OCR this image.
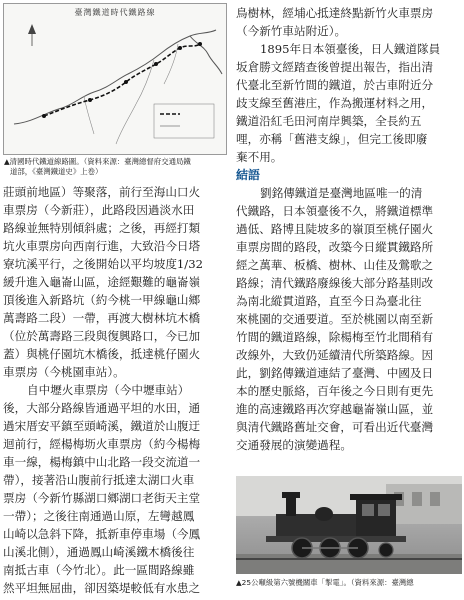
臺灣鐵道時代鐵路線
▲清國時代鐵道線路圖。（資料來源：臺灣總督府交通局鐵
道部，《臺灣鐵道史》上卷）
莊頭前地區）等聚落，前行至海山口火
車票房（今新莊），此路段因過淡水田
路線並無特別傾斜處；之後，再經打類
坑火車票房向西南行進，大致沿今日塔
寮坑溪平行，之後開始以平均坡度1/32
緩升進入龜崙山區，途經艱難的龜崙嶺
頂後進入新路坑（約今桃一甲線龜山鄉
萬壽路二段）一帶，再渡大樹林坑木橋
（位於萬壽路三段與復興路口，今已加
蓋）與桃仔園坑木橋後，抵達桃仔園火
車票房（今桃園車站）。
自中壢火車票房（今中壢車站）
後，大部分路線皆通過平坦的水田，通
過宋厝安平鎮至頭崎溪，鐵道於山腹迂
迴前行，經楊梅坜火車票房（約今楊梅
車一線，楊梅鎮中山北路一段交流道一
帶），接著沿山腹前行抵達太湖口火車
票房（今新竹縣湖口鄉湖口老街天主堂
一帶）；之後往南通過山原，左彎越鳳
山崎以急斜下降，抵新車停車場（今鳳
山溪北側），通過鳳山崎溪鐵木橋後往
南抵古車（今竹北）。此一區間路線雖
然平坦無屈曲，卻因築堤較低有水患之
鳥樹林，經埔心抵達終點新竹火車票房
（今新竹車站附近）。
1895年日本領臺後，日人鐵道隊員
坂倉勝文經踏查後曾提出報告，指出清
代臺北至新竹間的鐵道，於古車附近分
歧支線至舊港庄，作為搬運材料之用，
鐵道沿紅毛田河南岸興築，全長約五
哩，亦稱「舊港支線」，但完工後即廢
棄不用。
結語
劉銘傳鐵道是臺灣地區唯一的清
代鐵路，日本領臺後不久，將鐵道標準
過低、路博且陡坡多的嶺頂至桃仔園火
車票房間的路段，改築今日縱貫鐵路所
經之萬華、板橋、樹林、山佳及鶯歌之
路線；清代鐵路廢線後大部分路基則改
為南北縱貫道路，直至今日為臺北往
來桃園的交通要道。至於桃園以南至新
竹間的鐵道路線，除楊梅至竹北間稍有
改線外，大致仍延續清代所築路線。因
此，劉銘傳鐵道連結了臺灣、中國及日
本的歷史脈絡，百年後之今日則有更先
進的高速鐵路再次穿越龜崙嶺山區，並
與清代鐵路舊址交會，可看出近代臺灣
交通發展的演變過程。
▲25公噸級第六號機關車「掣電」。（資料來源：臺灣總
